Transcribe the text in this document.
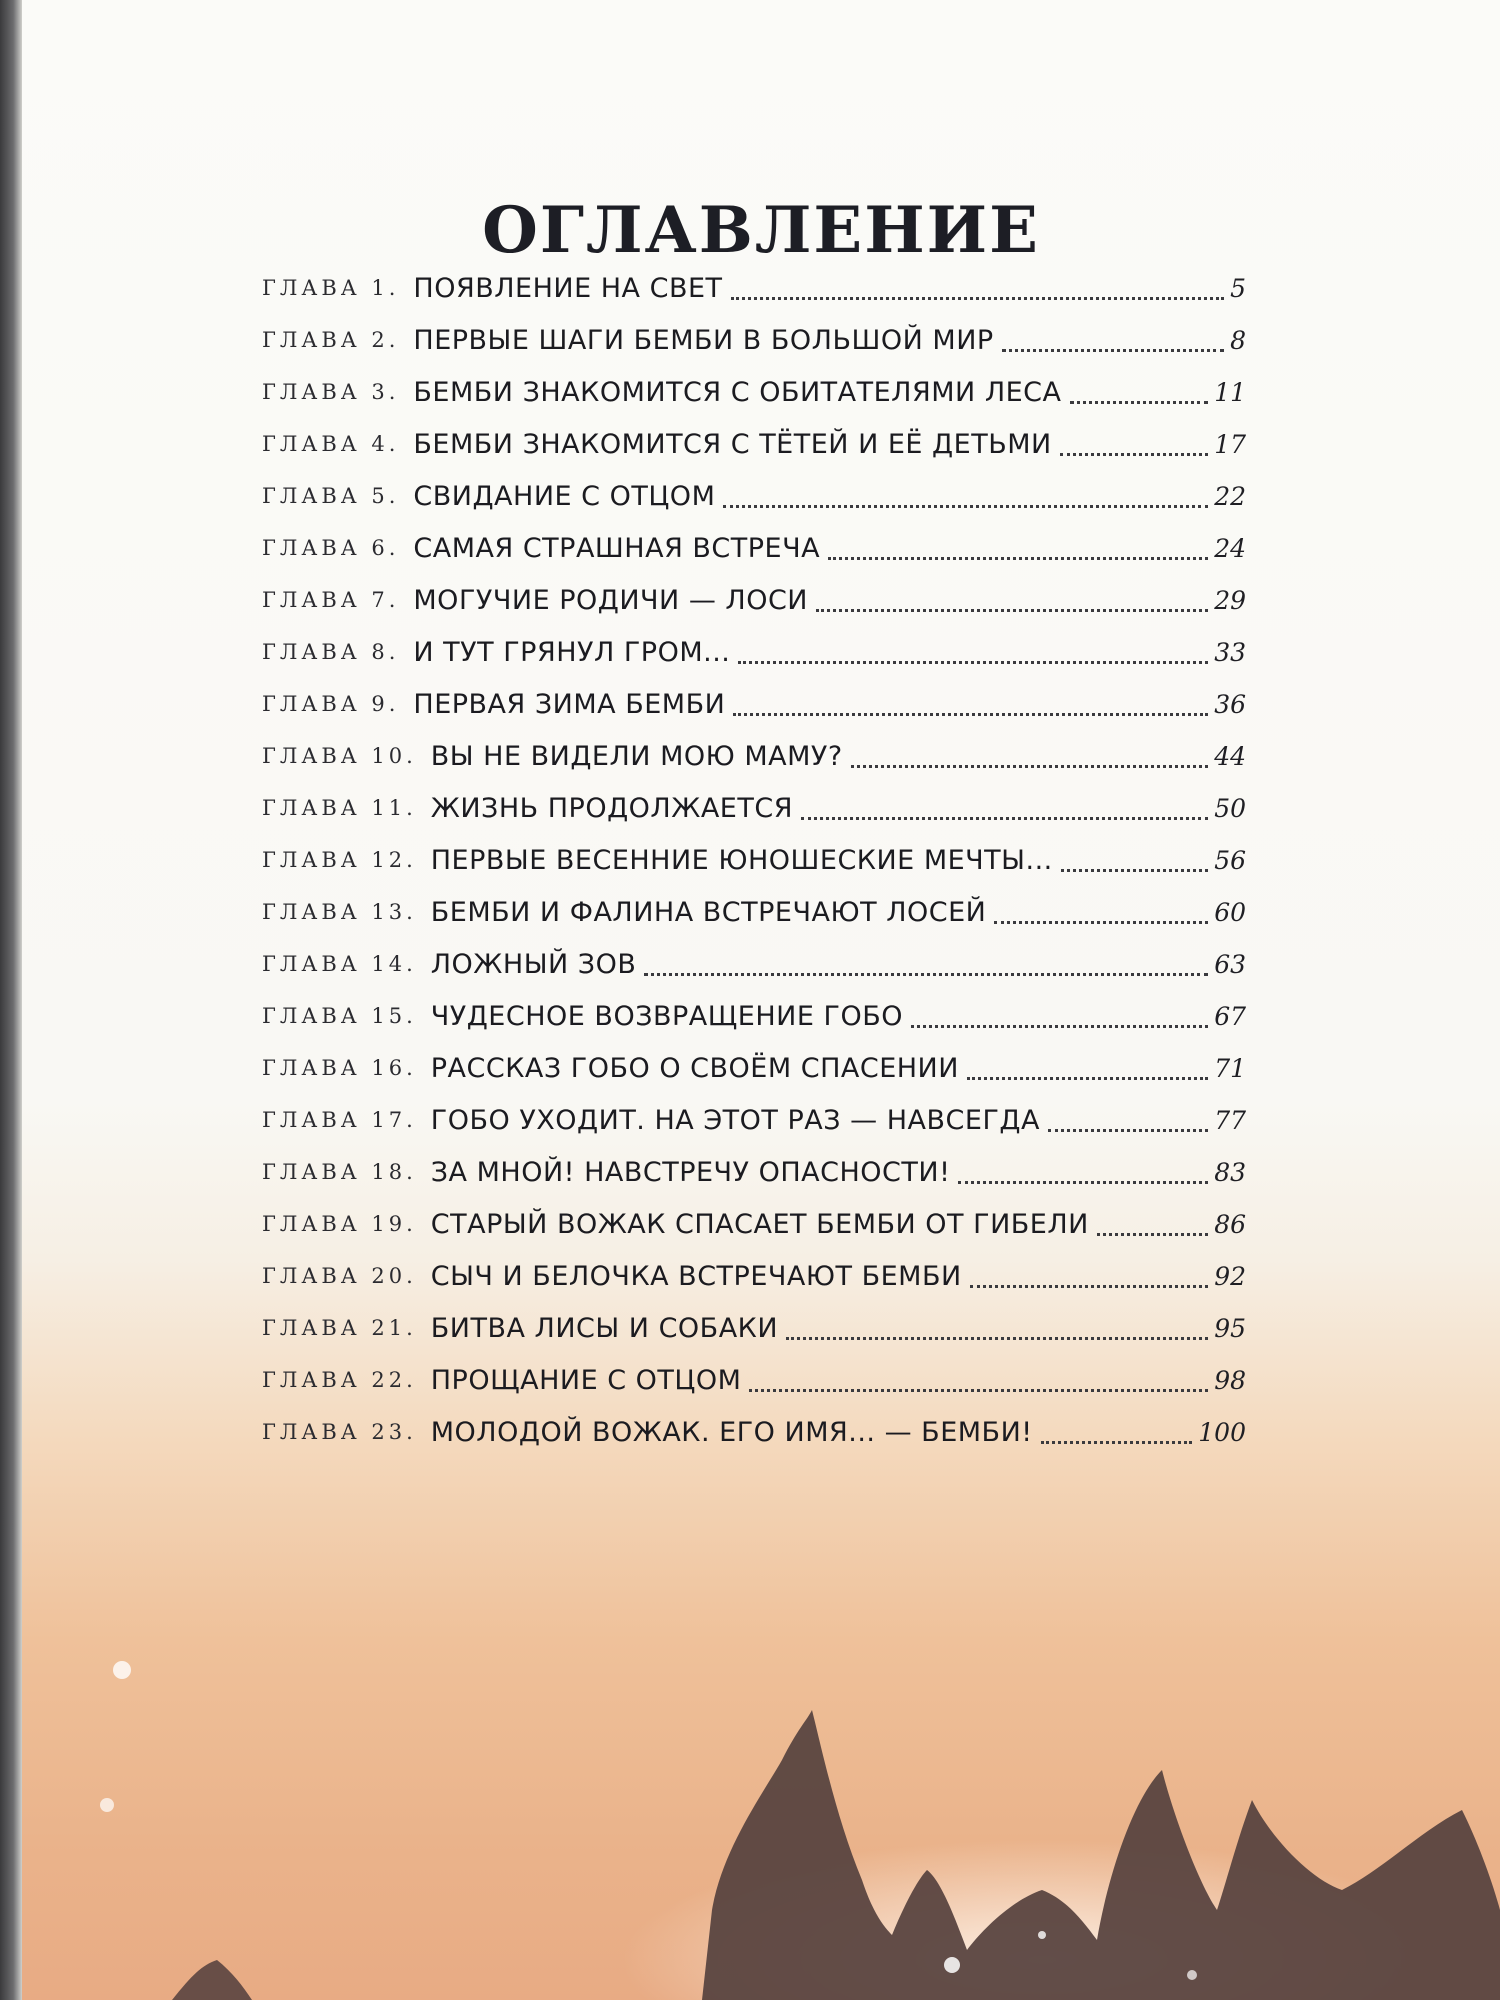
ОГЛАВЛЕНИЕ
ГЛАВА 1. ПОЯВЛЕНИЕ НА СВЕТ	5
ГЛАВА 2. ПЕРВЫЕ ШАГИ БЕМБИ В БОЛЬШОЙ МИР	8
ГЛАВА 3. БЕМБИ ЗНАКОМИТСЯ С ОБИТАТЕЛЯМИ ЛЕСА	11
ГЛАВА 4. БЕМБИ ЗНАКОМИТСЯ С ТЁТЕЙ И ЕЁ ДЕТЬМИ	17
ГЛАВА 5. СВИДАНИЕ С ОТЦОМ	22
ГЛАВА 6. САМАЯ СТРАШНАЯ ВСТРЕЧА	24
ГЛАВА 7. МОГУЧИЕ РОДИЧИ — ЛОСИ	29
ГЛАВА 8. И ТУТ ГРЯНУЛ ГРОМ...	33
ГЛАВА 9. ПЕРВАЯ ЗИМА БЕМБИ	36
ГЛАВА 10. ВЫ НЕ ВИДЕЛИ МОЮ МАМУ?	44
ГЛАВА 11. ЖИЗНЬ ПРОДОЛЖАЕТСЯ	50
ГЛАВА 12. ПЕРВЫЕ ВЕСЕННИЕ ЮНОШЕСКИЕ МЕЧТЫ...	56
ГЛАВА 13. БЕМБИ И ФАЛИНА ВСТРЕЧАЮТ ЛОСЕЙ	60
ГЛАВА 14. ЛОЖНЫЙ ЗОВ	63
ГЛАВА 15. ЧУДЕСНОЕ ВОЗВРАЩЕНИЕ ГОБО	67
ГЛАВА 16. РАССКАЗ ГОБО О СВОЁМ СПАСЕНИИ	71
ГЛАВА 17. ГОБО УХОДИТ. НА ЭТОТ РАЗ — НАВСЕГДА	77
ГЛАВА 18. ЗА МНОЙ! НАВСТРЕЧУ ОПАСНОСТИ!	83
ГЛАВА 19. СТАРЫЙ ВОЖАК СПАСАЕТ БЕМБИ ОТ ГИБЕЛИ	86
ГЛАВА 20. СЫЧ И БЕЛОЧКА ВСТРЕЧАЮТ БЕМБИ	92
ГЛАВА 21. БИТВА ЛИСЫ И СОБАКИ	95
ГЛАВА 22. ПРОЩАНИЕ С ОТЦОМ	98
ГЛАВА 23. МОЛОДОЙ ВОЖАК. ЕГО ИМЯ... — БЕМБИ!	100
